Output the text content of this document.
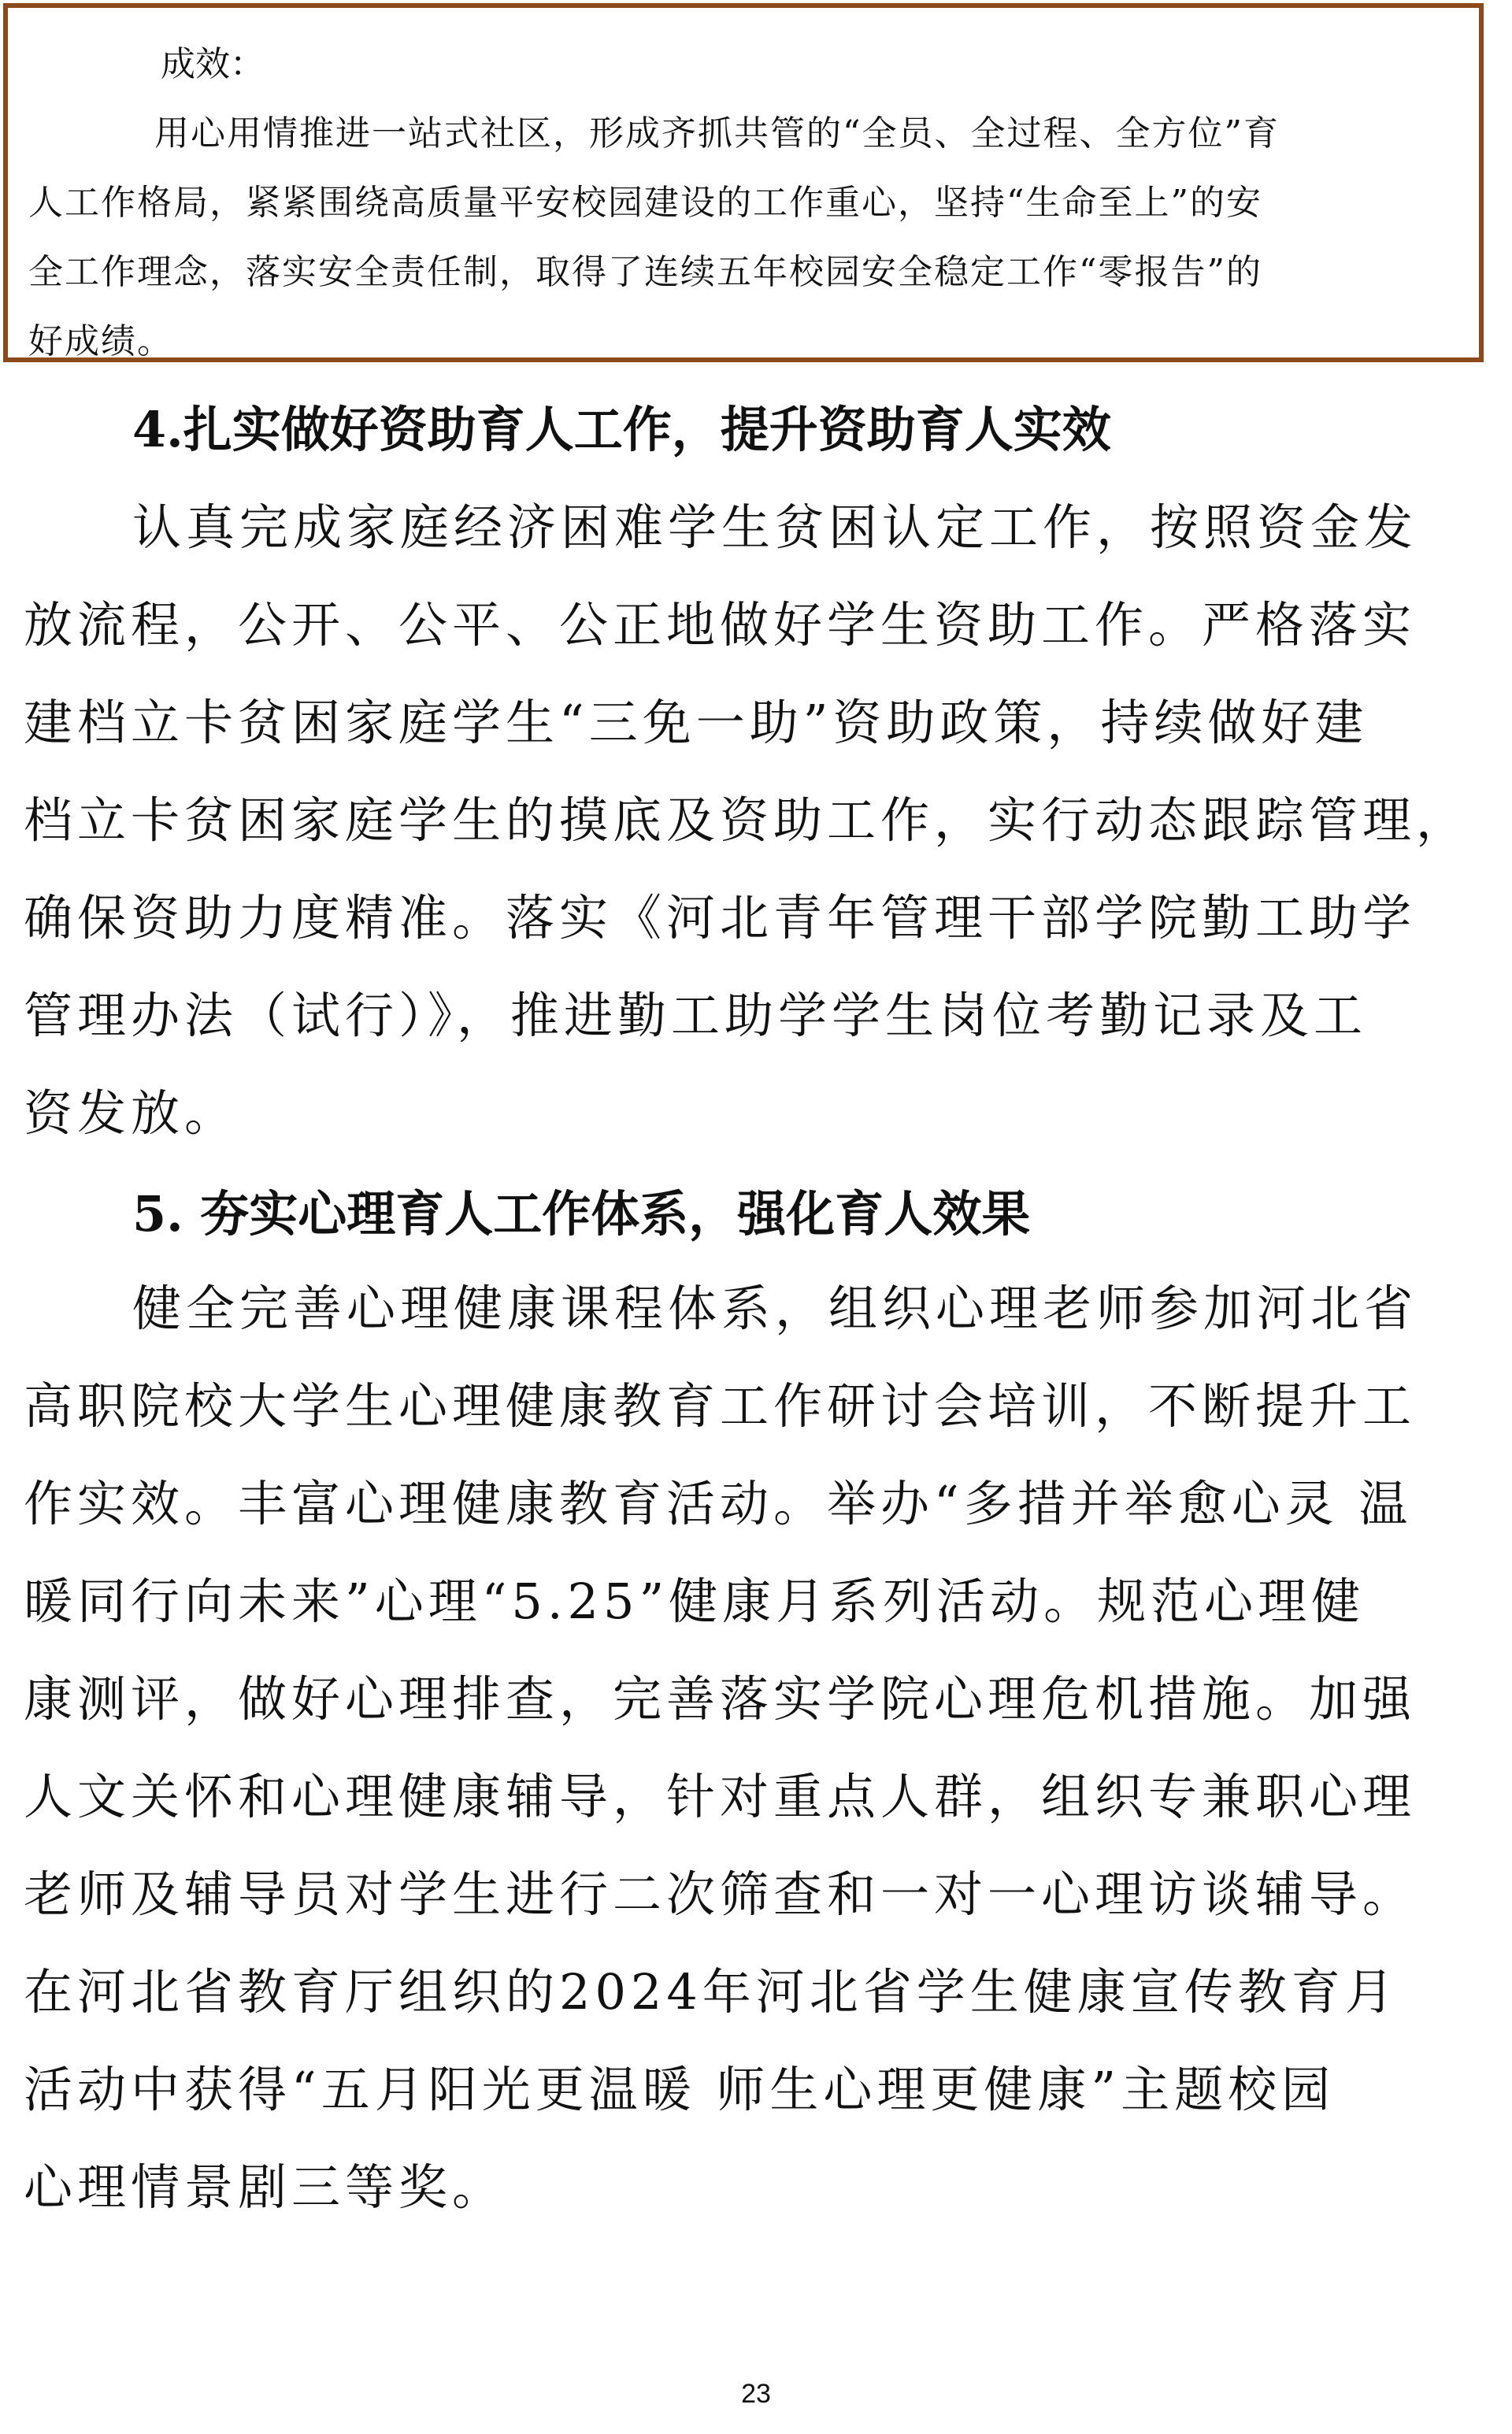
成效：

用心用情推进一站式社区，形成齐抓共管的“全员、全过程、全方位”育

人工作格局，紧紧围绕高质量平安校园建设的工作重心，坚持“生命至上”的安

全工作理念，落实安全责任制，取得了连续五年校园安全稳定工作“零报告”的

好成绩。

4.扎实做好资助育人工作，提升资助育人实效
认真完成家庭经济困难学生贫困认定工作，按照资金发
放流程，公开、公平、公正地做好学生资助工作。严格落实
建档立卡贫困家庭学生“三免一助”资助政策，持续做好建
档立卡贫困家庭学生的摸底及资助工作，实行动态跟踪管理，
确保资助力度精准。落实《河北青年管理干部学院勤工助学
管理办法（试行）》，推进勤工助学学生岗位考勤记录及工
资发放。
5. 夯实心理育人工作体系，强化育人效果
健全完善心理健康课程体系，组织心理老师参加河北省
高职院校大学生心理健康教育工作研讨会培训，不断提升工
作实效。丰富心理健康教育活动。举办“多措并举愈心灵 温
暖同行向未来”心理“5.25”健康月系列活动。规范心理健
康测评，做好心理排查，完善落实学院心理危机措施。加强
人文关怀和心理健康辅导，针对重点人群，组织专兼职心理
老师及辅导员对学生进行二次筛查和一对一心理访谈辅导。
在河北省教育厅组织的2024年河北省学生健康宣传教育月
活动中获得“五月阳光更温暖 师生心理更健康”主题校园
心理情景剧三等奖。
23
